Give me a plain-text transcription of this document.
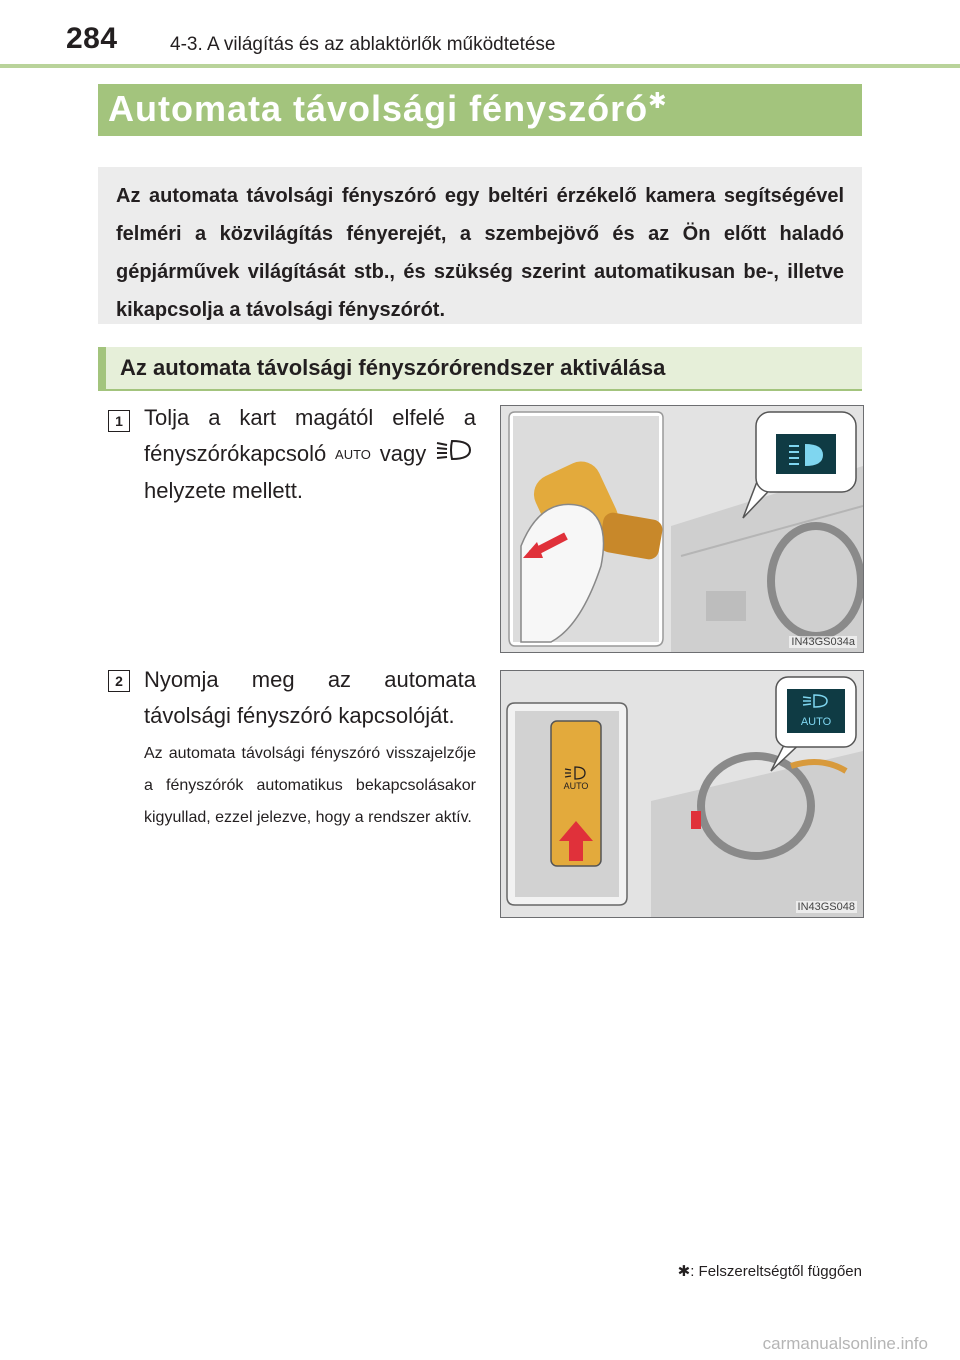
284	4-3. A világítás és az ablaktörlők működtetése
Automata távolsági fényszóró✱
Az automata távolsági fényszóró egy beltéri érzékelő kamera segítségével felméri a közvilágítás fényerejét, a szembejövő és az Ön előtt haladó gépjárművek világítását stb., és szükség szerint automatikusan be-, illetve kikapcsolja a távolsági fényszórót.
Az automata távolsági fényszórórendszer aktiválása
1 Tolja a kart magától elfelé a fényszórókapcsoló AUTO vagy  helyzete mellett.
IN43GS034a
2 Nyomja meg az automata távolsági fényszóró kapcsolóját.
Az automata távolsági fényszóró visszajelzője a fényszórók automatikus bekapcsolásakor kigyullad, ezzel jelezve, hogy a rendszer aktív.
AUTO
AUTO
IN43GS048
✱: Felszereltségtől függően
carmanualsonline.info
